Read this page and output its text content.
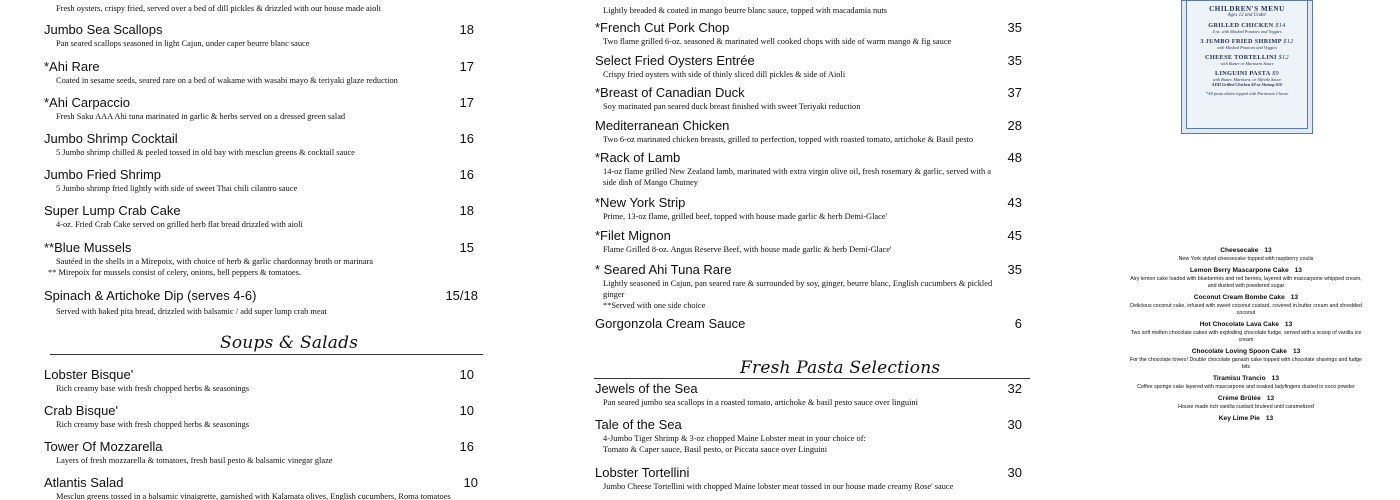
Fresh oysters, crispy fried, served over a bed of dill pickles & drizzled with our house made aioli
Jumbo Sea Scallops	18
Pan seared scallops seasoned in light Cajun, under caper beurre blanc sauce
*Ahi Rare	17
Coated in sesame seeds, seared rare on a bed of wakame with wasabi mayo & teriyaki glaze reduction
*Ahi Carpaccio	17
Fresh Saku AAA Ahi tuna marinated in garlic & herbs served on a dressed green salad
Jumbo Shrimp Cocktail	16
5 Jumbo shrimp chilled & peeled tossed in old bay with mesclun greens & cocktail sauce
Jumbo Fried Shrimp	16
5 Jumbo shrimp fried lightly with side of sweet Thai chili cilantro sauce
Super Lump Crab Cake	18
4-oz. Fried Crab Cake served on grilled herb flat bread drizzled with aioli
**Blue Mussels	15
Sautéed in the shells in a Mirepoix, with choice of herb & garlic chardonnay broth or marinara
** Mirepoix for mussels consist of celery, onions, bell peppers & tomatoes.
Spinach & Artichoke Dip (serves 4-6)	15/18
Served with baked pita bread, drizzled with balsamic / add super lump crab meat
Soups & Salads
Lobster Bisque'	10
Rich creamy base with fresh chopped herbs & seasonings
Crab Bisque'	10
Rich creamy base with fresh chopped herbs & seasonings
Tower Of Mozzarella	16
Layers of fresh mozzarella & tomatoes, fresh basil pesto & balsamic vinegar glaze
Atlantis Salad	10
Mesclun greens tossed in a balsamic vinaigrette, garnished with Kalamata olives, English cucumbers, Roma tomatoes
Lightly breaded & coated in mango beurre blanc sauce, topped with macadamia nuts
*French Cut Pork Chop	35
Two flame grilled 6-oz. seasoned & marinated well cooked chops with side of warm mango & fig sauce
Select Fried Oysters Entrée	35
Crispy fried oysters with side of thinly sliced dill pickles & side of Aioli
*Breast of Canadian Duck	37
Soy marinated pan seared duck breast finished with sweet Teriyaki reduction
Mediterranean Chicken	28
Two 6-oz marinated chicken breasts, grilled to perfection, topped with roasted tomato, artichoke & Basil pesto
*Rack of Lamb	48
14-oz flame grilled New Zealand lamb, marinated with extra virgin olive oil, fresh rosemary & garlic, served with a
side dish of Mango Chutney
*New York Strip	43
Prime, 13-oz flame, grilled beef, topped with house made garlic & herb Demi-Glace'
*Filet Mignon	45
Flame Grilled 8-oz. Angus Reserve Beef, with house made garlic & herb Demi-Glace'
* Seared Ahi Tuna Rare	35
Lightly seasoned in Cajun, pan seared rare & surrounded by soy, ginger, beurre blanc, English cucumbers & pickled
ginger
**Served with one side choice
Gorgonzola Cream Sauce	6
Fresh Pasta Selections
Jewels of the Sea	32
Pan seared jumbo sea scallops in a roasted tomato, artichoke & basil pesto sauce over linguini
Tale of the Sea	30
4-Jumbo Tiger Shrimp & 3-oz chopped Maine Lobster meat in your choice of:
Tomato & Caper sauce, Basil pesto, or Piccata sauce over Linguini
Lobster Tortellini	30
Jumbo Cheese Tortellini with chopped Maine lobster meat tossed in our house made creamy Rose' sauce
CHILDREN'S MENU
Ages 12 and Under
GRILLED CHICKEN $14
4 oz. with Mashed Potatoes and Veggies
3 JUMBO FRIED SHRIMP $12
with Mashed Potatoes and Veggies
CHEESE TORTELLINI $12
with Butter or Marinara Sauce
LINGUINI PASTA $9
with Butter, Marinara, or Alfredo Sauce
ADD Grilled Chicken $8 or Shrimp $10
*All pasta dishes topped with Parmesan Cheese
Cheesecake 13
New York styled cheesecake topped with raspberry coulis
Lemon Berry Mascarpone Cake 13
Airy lemon cake loaded with blueberries and red berries, layered with mascarpone whipped cream, and dusted with powdered sugar
Coconut Cream Bombe Cake 13
Delicious coconut cake, infused with sweet coconut custard, covered in butter cream and shredded coconut
Hot Chocolate Lava Cake 13
Two soft molten chocolate cakes with exploding chocolate fudge, served with a scoop of vanilla ice cream
Chocolate Loving Spoon Cake 13
For the chocolate lovers! Double chocolate ganash cake topped with chocolate shavings and fudge bits
Tiramisu Trancio 13
Coffee sponge cake layered with mascarpone and soaked ladyfingers dusted in coco powder
Crème Brûlée 13
House made rich vanilla custard bruleed until caramelized
Key Lime Pie 13
